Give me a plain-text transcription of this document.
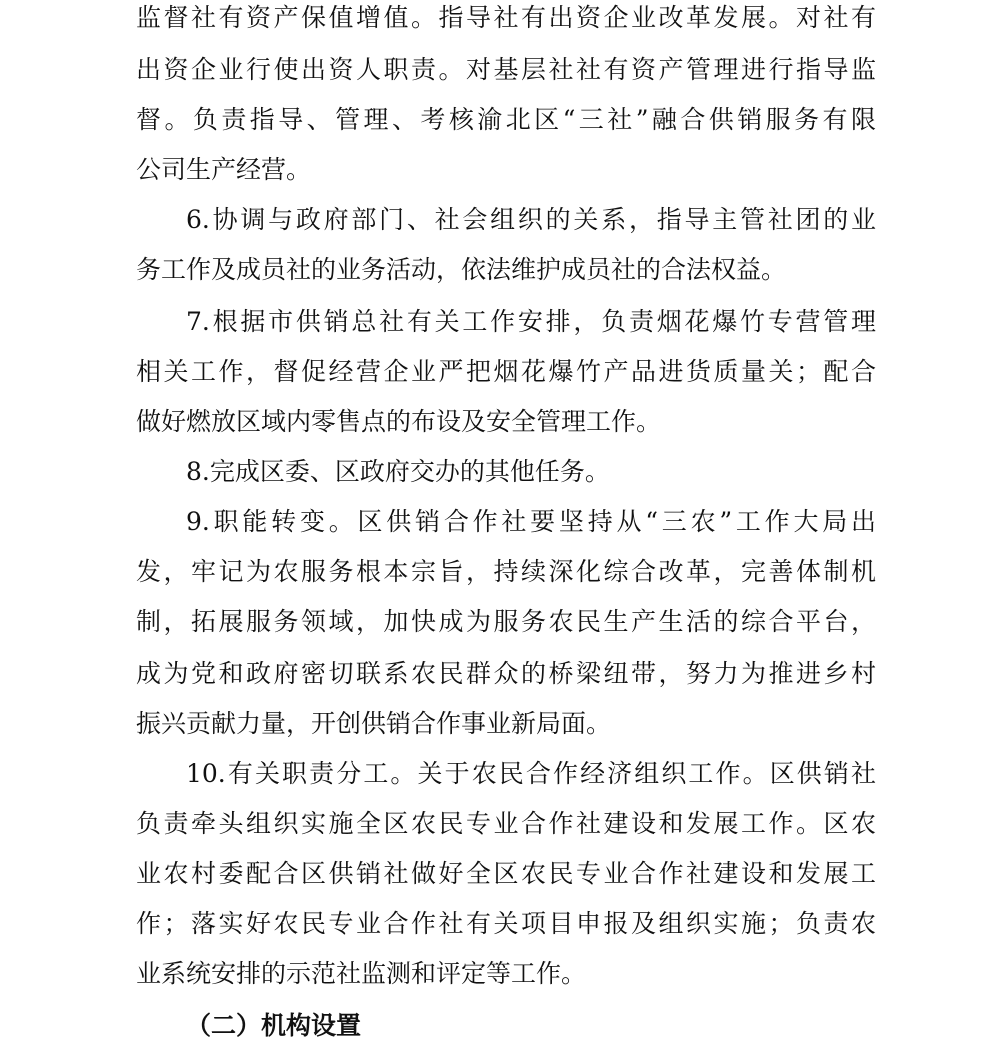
监督社有资产保值增值。指导社有出资企业改革发展。对社有
出资企业行使出资人职责。对基层社社有资产管理进行指导监
督。负责指导、管理、考核渝北区“三社”融合供销服务有限
公司生产经营。
6.协调与政府部门、社会组织的关系，指导主管社团的业
务工作及成员社的业务活动，依法维护成员社的合法权益。
7.根据市供销总社有关工作安排，负责烟花爆竹专营管理
相关工作，督促经营企业严把烟花爆竹产品进货质量关；配合
做好燃放区域内零售点的布设及安全管理工作。
8.完成区委、区政府交办的其他任务。
9.职能转变。区供销合作社要坚持从“三农”工作大局出
发，牢记为农服务根本宗旨，持续深化综合改革，完善体制机
制，拓展服务领域，加快成为服务农民生产生活的综合平台，
成为党和政府密切联系农民群众的桥梁纽带，努力为推进乡村
振兴贡献力量，开创供销合作事业新局面。
10.有关职责分工。关于农民合作经济组织工作。区供销社
负责牵头组织实施全区农民专业合作社建设和发展工作。区农
业农村委配合区供销社做好全区农民专业合作社建设和发展工
作；落实好农民专业合作社有关项目申报及组织实施；负责农
业系统安排的示范社监测和评定等工作。
（二）机构设置
